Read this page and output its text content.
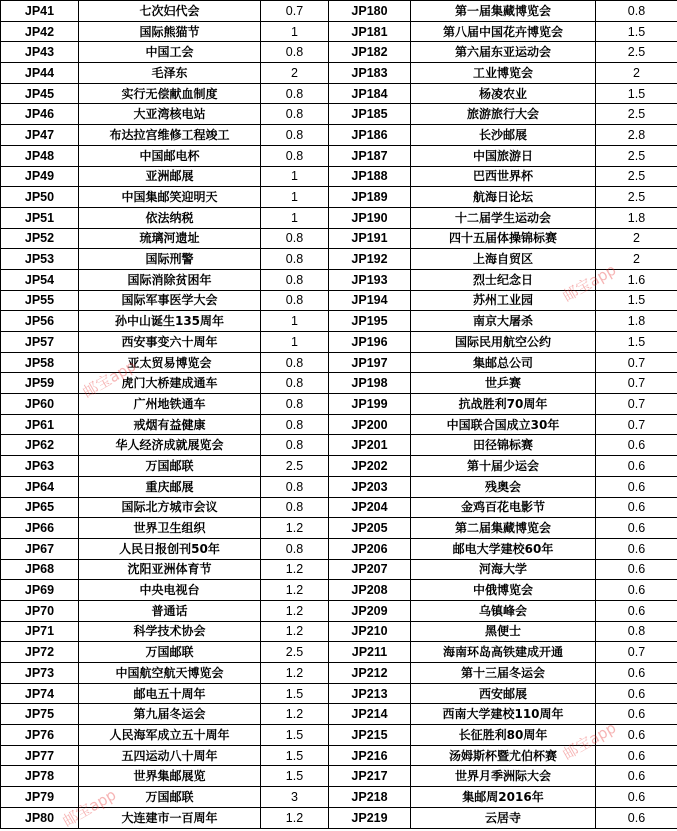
JP41	七次妇代会	0.7	JP180	第一届集藏博览会	0.8
JP42	国际熊猫节	1	JP181	第八届中国花卉博览会	1.5
JP43	中国工会	0.8	JP182	第六届东亚运动会	2.5
JP44	毛泽东	2	JP183	工业博览会	2
JP45	实行无偿献血制度	0.8	JP184	杨凌农业	1.5
JP46	大亚湾核电站	0.8	JP185	旅游旅行大会	2.5
JP47	布达拉宫维修工程竣工	0.8	JP186	长沙邮展	2.8
JP48	中国邮电杯	0.8	JP187	中国旅游日	2.5
JP49	亚洲邮展	1	JP188	巴西世界杯	2.5
JP50	中国集邮笑迎明天	1	JP189	航海日论坛	2.5
JP51	依法纳税	1	JP190	十二届学生运动会	1.8
JP52	琉璃河遗址	0.8	JP191	四十五届体操锦标赛	2
JP53	国际刑警	0.8	JP192	上海自贸区	2
JP54	国际消除贫困年	0.8	JP193	烈士纪念日	1.6
JP55	国际军事医学大会	0.8	JP194	苏州工业园	1.5
JP56	孙中山诞生135周年	1	JP195	南京大屠杀	1.8
JP57	西安事变六十周年	1	JP196	国际民用航空公约	1.5
JP58	亚太贸易博览会	0.8	JP197	集邮总公司	0.7
JP59	虎门大桥建成通车	0.8	JP198	世乒赛	0.7
JP60	广州地铁通车	0.8	JP199	抗战胜利70周年	0.7
JP61	戒烟有益健康	0.8	JP200	中国联合国成立30年	0.7
JP62	华人经济成就展览会	0.8	JP201	田径锦标赛	0.6
JP63	万国邮联	2.5	JP202	第十届少运会	0.6
JP64	重庆邮展	0.8	JP203	残奥会	0.6
JP65	国际北方城市会议	0.8	JP204	金鸡百花电影节	0.6
JP66	世界卫生组织	1.2	JP205	第二届集藏博览会	0.6
JP67	人民日报创刊50年	0.8	JP206	邮电大学建校60年	0.6
JP68	沈阳亚洲体育节	1.2	JP207	河海大学	0.6
JP69	中央电视台	1.2	JP208	中俄博览会	0.6
JP70	普通话	1.2	JP209	乌镇峰会	0.6
JP71	科学技术协会	1.2	JP210	黑便士	0.8
JP72	万国邮联	2.5	JP211	海南环岛高铁建成开通	0.7
JP73	中国航空航天博览会	1.2	JP212	第十三届冬运会	0.6
JP74	邮电五十周年	1.5	JP213	西安邮展	0.6
JP75	第九届冬运会	1.2	JP214	西南大学建校110周年	0.6
JP76	人民海军成立五十周年	1.5	JP215	长征胜利80周年	0.6
JP77	五四运动八十周年	1.5	JP216	汤姆斯杯暨尤伯杯赛	0.6
JP78	世界集邮展览	1.5	JP217	世界月季洲际大会	0.6
JP79	万国邮联	3	JP218	集邮周2016年	0.6
JP80	大连建市一百周年	1.2	JP219	云居寺	0.6
邮宝app
邮宝app
邮宝app
邮宝app
